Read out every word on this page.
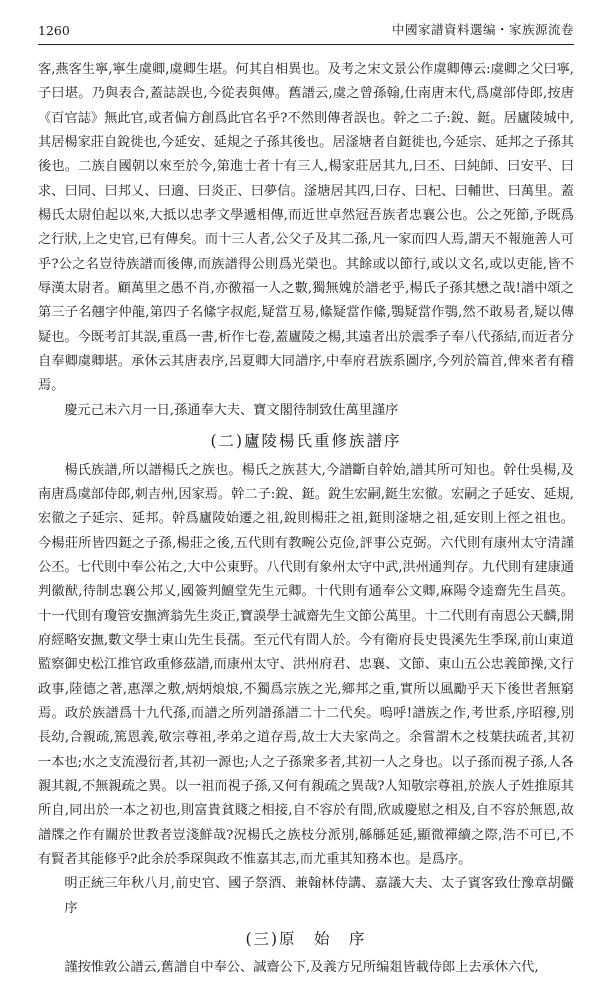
1260	中國家譜資料選编・家族源流卷

客,燕客生寧,寧生虞卿,虞卿生堪。何其自相異也。及考之宋文景公作虞卿傳云:虞卿之父曰寧,子曰堪。乃與表合,蓋誌誤也,今從表與傳。舊譜云,虞之曾孫翰,仕南唐末代,爲虞部侍郎,按唐《百官誌》無此官,或者偏方創爲此官名乎?不然則傳者誤也。幹之二子:銳、鋌。居廬陵城中,其居楊家莊自銳徙也,今延安、延規之子孫其後也。居滏塘者自鋌徙也,今延宗、延邦之子孫其後也。二族自國朝以來至於今,第進士者十有三人,楊家莊居其九,曰丕、曰純師、曰安平、曰求、曰同、曰邦乂、曰適、曰炎正、曰夢信。滏塘居其四,曰存、曰杞、曰輔世、曰萬里。蓋楊氏太尉伯起以來,大抵以忠孝文學遞相傳,而近世卓然冠吾族者忠襄公也。公之死節,予既爲之行狀,上之史官,已有傳矣。而十三人者,公父子及其二孫,凡一家而四人焉,謂天不報施善人可乎?公之名豈待族譜而後傳,而族譜得公則爲光榮也。其餘或以節行,或以文名,或以吏能,皆不辱漢太尉者。顧萬里之愚不肖,亦徼福一人之數,獨無媿於譜老乎,楊氏子孫其懋之哉!譜中頌之第三子名翹字仲龍,第四子名絛字叔彪,疑當互易,絛疑當作絛,鶚疑當作鶚,然不敢易者,疑以傳疑也。今既考訂其誤,重爲一書,析作七卷,蓋廬陵之楊,其遠者出於震季子奉八代孫結,而近者分自奉卿虞卿堪。承休云其唐表序,呂夏卿大同譜序,中奉府君族系圖序,今列於篇首,俾來者有稽焉。

慶元己未六月一日,孫通奉大夫、寶文閣待制致仕萬里謹序

(二)廬陵楊氏重修族譜序

楊氏族譜,所以譜楊氏之族也。楊氏之族甚大,今譜斷自幹始,譜其所可知也。幹仕吳楊,及南唐爲虞部侍郎,刺吉州,因家焉。幹二子:銳、鋌。銳生宏嗣,鋌生宏徹。宏嗣之子延安、延規,宏徹之子延宗、延邦。幹爲廬陵始遷之祖,銳則楊莊之祖,鋌則滏塘之祖,延安則上徑之祖也。今楊莊所皆四鋌之子孫,楊莊之後,五代則有教畹公克俭,評事公克弼。六代則有康州太守清謹公丕。七代則中奉公祐之,大中公東野。八代則有象州太守中武,洪州通判存。九代則有建康通判徽猷,待制忠襄公邦乂,國簽判鱣堂先生元卿。十代則有通奉公文卿,麻陽令逵齋先生昌英。十一代則有瓊管安撫濟翁先生炎正,寶謨學士誠齋先生文節公萬里。十二代則有南恩公天麟,開府經略安撫,數文學士東山先生長孺。至元代有間人於。今有衛府長史畏溪先生季琛,前山東道監察御史松江推官政重修茲譜,而康州太守、洪州府君、忠襄、文節、東山五公忠義節操,文行政事,陸德之著,惠澤之敷,炳炳烺烺,不獨爲宗族之光,鄉邦之重,實所以風勵乎天下後世者無窮焉。政於族譜爲十九代孫,而譜之所列譜孫譜二十二代矣。嗚呼!譜族之作,考世系,序昭穆,別長幼,合親疏,篤恩義,敬宗尊祖,孝弟之道存焉,故士大夫家尚之。余嘗謂木之枝葉扶疏者,其初一本也;水之支流漫衍者,其初一源也;人之子孫衆多者,其初一人之身也。以子孫而視子孫,人各親其親,不無親疏之異。以一祖而視子孫,又何有親疏之異哉?人知敬宗尊祖,於族人子姓推原其所自,同出於一本之初也,則富貴貧賤之相接,自不容於有間,欣戚慶慰之相及,自不容於無恩,故譜牒之作有關於世教者豈淺鮮哉?況楊氏之族枝分派別,緜緜延延,顯微禪續之際,浩不可已,不有賢者其能修乎?此余於季琛與政不惟嘉其志,而尤重其知務本也。是爲序。

明正統三年秋八月,前史官、國子祭酒、兼翰林侍講、嘉議大夫、太子賓客致仕豫章胡儼序

(三)原　始　序

謹按惟敦公譜云,舊譜自中奉公、誠齋公下,及義方兄所编爼皆載侍郎上去承休六代,
